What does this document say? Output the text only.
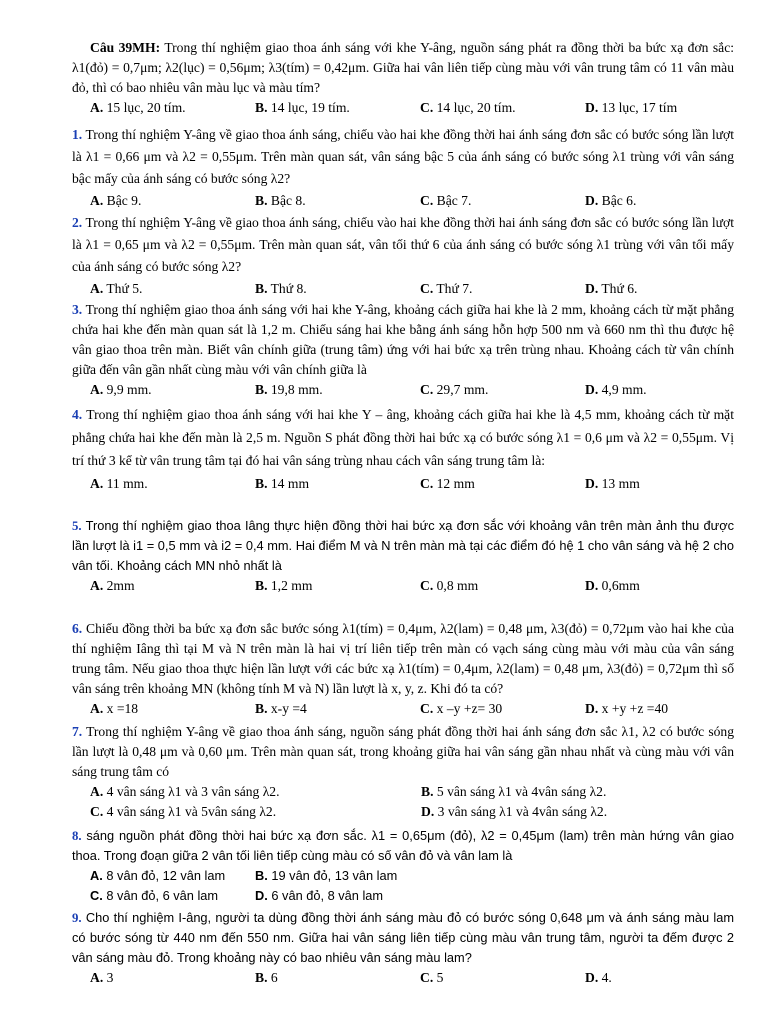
Câu 39MH: Trong thí nghiệm giao thoa ánh sáng với khe Y-âng, nguồn sáng phát ra đồng thời ba bức xạ đơn sắc: λ1(đỏ) = 0,7μm; λ2(lục) = 0,56μm; λ3(tím) = 0,42μm. Giữa hai vân liên tiếp cùng màu với vân trung tâm có 11 vân màu đỏ, thì có bao nhiêu vân màu lục và màu tím?
A. 15 lục, 20 tím.	B. 14 lục, 19 tím.	C. 14 lục, 20 tím.	D. 13 lục, 17 tím
1. Trong thí nghiệm Y-âng về giao thoa ánh sáng, chiếu vào hai khe đồng thời hai ánh sáng đơn sắc có bước sóng lần lượt là λ1 = 0,66 μm và λ2 = 0,55μm. Trên màn quan sát, vân sáng bậc 5 của ánh sáng có bước sóng λ1 trùng với vân sáng bậc mấy của ánh sáng có bước sóng λ2?
A. Bậc 9.	B. Bậc 8.	C. Bậc 7.	D. Bậc 6.
2. Trong thí nghiệm Y-âng về giao thoa ánh sáng, chiếu vào hai khe đồng thời hai ánh sáng đơn sắc có bước sóng lần lượt là λ1 = 0,65 μm và λ2 = 0,55μm. Trên màn quan sát, vân tối thứ 6 của ánh sáng có bước sóng λ1 trùng với vân tối mấy của ánh sáng có bước sóng λ2?
A. Thứ 5.	B. Thứ 8.	C. Thứ 7.	D. Thứ 6.
3. Trong thí nghiệm giao thoa ánh sáng với hai khe Y-âng, khoảng cách giữa hai khe là 2 mm, khoảng cách từ mặt phẳng chứa hai khe đến màn quan sát là 1,2 m. Chiếu sáng hai khe bằng ánh sáng hỗn hợp 500 nm và 660 nm thì thu được hệ vân giao thoa trên màn. Biết vân chính giữa (trung tâm) ứng với hai bức xạ trên trùng nhau. Khoảng cách từ vân chính giữa đến vân gần nhất cùng màu với vân chính giữa là
A. 9,9 mm.	B. 19,8 mm.	C. 29,7 mm.	D. 4,9 mm.
4. Trong thí nghiệm giao thoa ánh sáng với hai khe Y – âng, khoảng cách giữa hai khe là 4,5 mm, khoảng cách từ mặt phẳng chứa hai khe đến màn là 2,5 m. Nguồn S phát đồng thời hai bức xạ có bước sóng λ1 = 0,6 μm và λ2 = 0,55μm. Vị trí thứ 3 kể từ vân trung tâm tại đó hai vân sáng trùng nhau cách vân sáng trung tâm là:
A. 11 mm.	B. 14 mm	C. 12 mm	D. 13 mm
5. Trong thí nghiệm giao thoa Iâng thực hiện đồng thời hai bức xạ đơn sắc với khoảng vân trên màn ảnh thu được lần lượt là i1 = 0,5 mm và i2 = 0,4 mm. Hai điểm M và N trên màn mà tại các điểm đó hệ 1 cho vân sáng và hệ 2 cho vân tối. Khoảng cách MN nhỏ nhất là
A. 2mm	B. 1,2 mm	C. 0,8 mm	D. 0,6mm
6. Chiếu đồng thời ba bức xạ đơn sắc bước sóng λ1(tím) = 0,4μm, λ2(lam) = 0,48 μm, λ3(đỏ) = 0,72μm vào hai khe của thí nghiệm Iâng thì tại M và N trên màn là hai vị trí liên tiếp trên màn có vạch sáng cùng màu với màu của vân sáng trung tâm. Nếu giao thoa thực hiện lần lượt với các bức xạ λ1(tím) = 0,4μm, λ2(lam) = 0,48 μm, λ3(đỏ) = 0,72μm thì số vân sáng trên khoảng MN (không tính M và N) lần lượt là x, y, z. Khi đó ta có?
A. x =18	B. x-y =4	C. x –y +z= 30	D. x +y +z =40
7. Trong thí nghiệm Y-âng về giao thoa ánh sáng, nguồn sáng phát đồng thời hai ánh sáng đơn sắc λ1, λ2 có bước sóng lần lượt là 0,48 μm và 0,60 μm. Trên màn quan sát, trong khoảng giữa hai vân sáng gần nhau nhất và cùng màu với vân sáng trung tâm có
A. 4 vân sáng λ1 và 3 vân sáng λ2.	B. 5 vân sáng λ1 và 4vân sáng λ2.
C. 4 vân sáng λ1 và 5vân sáng λ2.	D. 3 vân sáng λ1 và 4vân sáng λ2.
8. sáng nguồn phát đồng thời hai bức xạ đơn sắc. λ1 = 0,65μm (đỏ), λ2 = 0,45μm (lam) trên màn hứng vân giao thoa. Trong đoạn giữa 2 vân tối liên tiếp cùng màu có số vân đỏ và vân lam là
A. 8 vân đỏ, 12 vân lam	B. 19 vân đỏ, 13 vân lam
C. 8 vân đỏ, 6 vân lam	D. 6 vân đỏ, 8 vân lam
9. Cho thí nghiệm I-âng, người ta dùng đồng thời ánh sáng màu đỏ có bước sóng 0,648 μm và ánh sáng màu lam có bước sóng từ 440 nm đến 550 nm. Giữa hai vân sáng liên tiếp cùng màu vân trung tâm, người ta đếm được 2 vân sáng màu đỏ. Trong khoảng này có bao nhiêu vân sáng màu lam?
A. 3	B. 6	C. 5	D. 4.
